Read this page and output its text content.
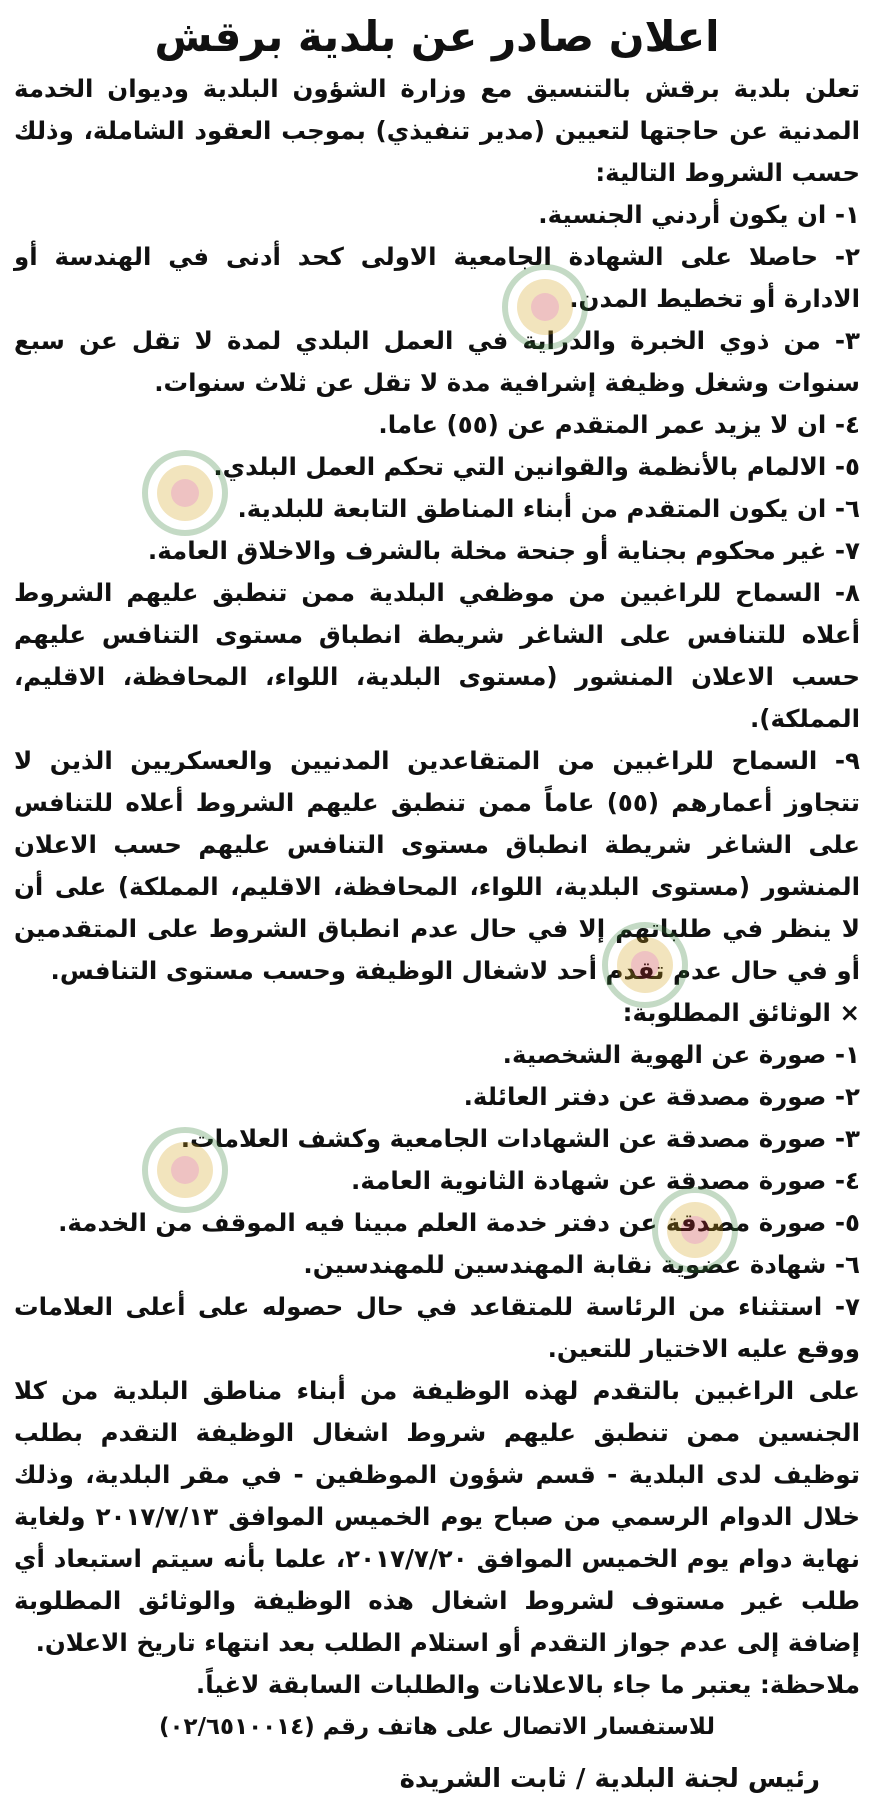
اعلان صادر عن بلدية برقش

تعلن بلدية برقش بالتنسيق مع وزارة الشؤون البلدية وديوان الخدمة المدنية عن حاجتها لتعيين (مدير تنفيذي) بموجب العقود الشاملة، وذلك حسب الشروط التالية:

١- ان يكون أردني الجنسية.

٢- حاصلا على الشهادة الجامعية الاولى كحد أدنى في الهندسة أو الادارة أو تخطيط المدن.

٣- من ذوي الخبرة والدراية في العمل البلدي لمدة لا تقل عن سبع سنوات وشغل وظيفة إشرافية مدة لا تقل عن ثلاث سنوات.

٤- ان لا يزيد عمر المتقدم عن (٥٥) عاما.

٥- الالمام بالأنظمة والقوانين التي تحكم العمل البلدي.

٦- ان يكون المتقدم من أبناء المناطق التابعة للبلدية.

٧- غير محكوم بجناية أو جنحة مخلة بالشرف والاخلاق العامة.

٨- السماح للراغبين من موظفي البلدية ممن تنطبق عليهم الشروط أعلاه للتنافس على الشاغر شريطة انطباق مستوى التنافس عليهم حسب الاعلان المنشور (مستوى البلدية، اللواء، المحافظة، الاقليم، المملكة).

٩- السماح للراغبين من المتقاعدين المدنيين والعسكريين الذين لا تتجاوز أعمارهم (٥٥) عاماً ممن تنطبق عليهم الشروط أعلاه للتنافس على الشاغر شريطة انطباق مستوى التنافس عليهم حسب الاعلان المنشور (مستوى البلدية، اللواء، المحافظة، الاقليم، المملكة) على أن لا ينظر في طلباتهم إلا في حال عدم انطباق الشروط على المتقدمين أو في حال عدم تقدم أحد لاشغال الوظيفة وحسب مستوى التنافس.

× الوثائق المطلوبة:

١- صورة عن الهوية الشخصية.

٢- صورة مصدقة عن دفتر العائلة.

٣- صورة مصدقة عن الشهادات الجامعية وكشف العلامات.

٤- صورة مصدقة عن شهادة الثانوية العامة.

٥- صورة مصدقة عن دفتر خدمة العلم مبينا فيه الموقف من الخدمة.

٦- شهادة عضوية نقابة المهندسين للمهندسين.

٧- استثناء من الرئاسة للمتقاعد في حال حصوله على أعلى العلامات ووقع عليه الاختيار للتعين.

على الراغبين بالتقدم لهذه الوظيفة من أبناء مناطق البلدية من كلا الجنسين ممن تنطبق عليهم شروط اشغال الوظيفة التقدم بطلب توظيف لدى البلدية - قسم شؤون الموظفين - في مقر البلدية، وذلك خلال الدوام الرسمي من صباح يوم الخميس الموافق ٢٠١٧/٧/١٣ ولغاية نهاية دوام يوم الخميس الموافق ٢٠١٧/٧/٢٠، علما بأنه سيتم استبعاد أي طلب غير مستوف لشروط اشغال هذه الوظيفة والوثائق المطلوبة إضافة إلى عدم جواز التقدم أو استلام الطلب بعد انتهاء تاريخ الاعلان.

ملاحظة: يعتبر ما جاء بالاعلانات والطلبات السابقة لاغياً.

للاستفسار الاتصال على هاتف رقم (٠٢/٦٥١٠٠١٤)
رئيس لجنة البلدية / ثابت الشريدة
